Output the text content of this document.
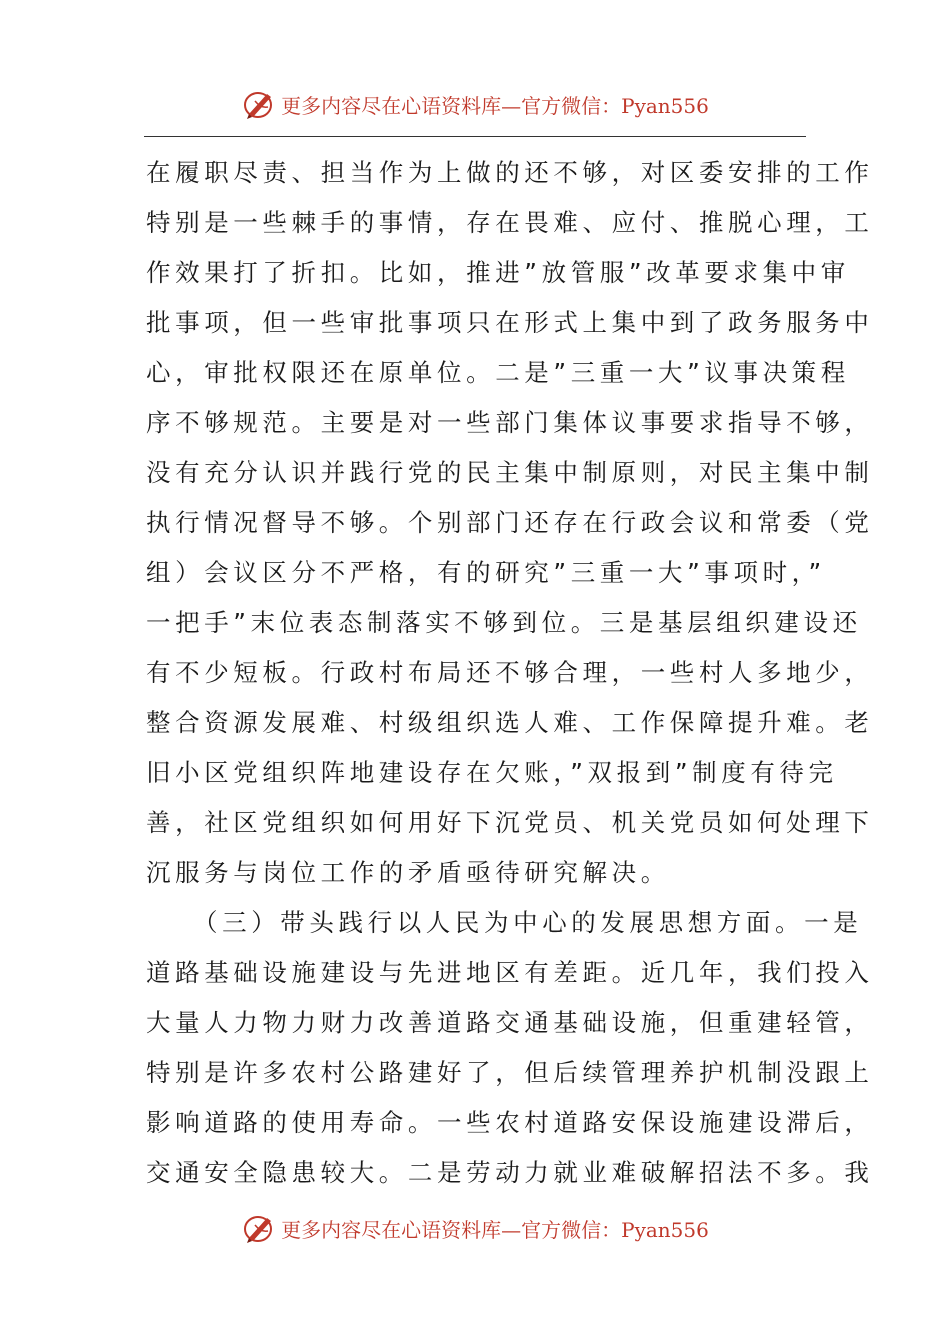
更多内容尽在心语资料库—官方微信：Pyan556
在履职尽责、担当作为上做的还不够，对区委安排的工作
特别是一些棘手的事情，存在畏难、应付、推脱心理，工
作效果打了折扣。比如，推进”放管服”改革要求集中审
批事项，但一些审批事项只在形式上集中到了政务服务中
心，审批权限还在原单位。二是”三重一大”议事决策程
序不够规范。主要是对一些部门集体议事要求指导不够，
没有充分认识并践行党的民主集中制原则，对民主集中制
执行情况督导不够。个别部门还存在行政会议和常委（党
组）会议区分不严格，有的研究”三重一大”事项时，”
一把手”末位表态制落实不够到位。三是基层组织建设还
有不少短板。行政村布局还不够合理，一些村人多地少，
整合资源发展难、村级组织选人难、工作保障提升难。老
旧小区党组织阵地建设存在欠账，”双报到”制度有待完
善，社区党组织如何用好下沉党员、机关党员如何处理下
沉服务与岗位工作的矛盾亟待研究解决。
（三）带头践行以人民为中心的发展思想方面。一是
道路基础设施建设与先进地区有差距。近几年，我们投入
大量人力物力财力改善道路交通基础设施，但重建轻管，
特别是许多农村公路建好了，但后续管理养护机制没跟上
影响道路的使用寿命。一些农村道路安保设施建设滞后，
交通安全隐患较大。二是劳动力就业难破解招法不多。我
更多内容尽在心语资料库—官方微信：Pyan556
